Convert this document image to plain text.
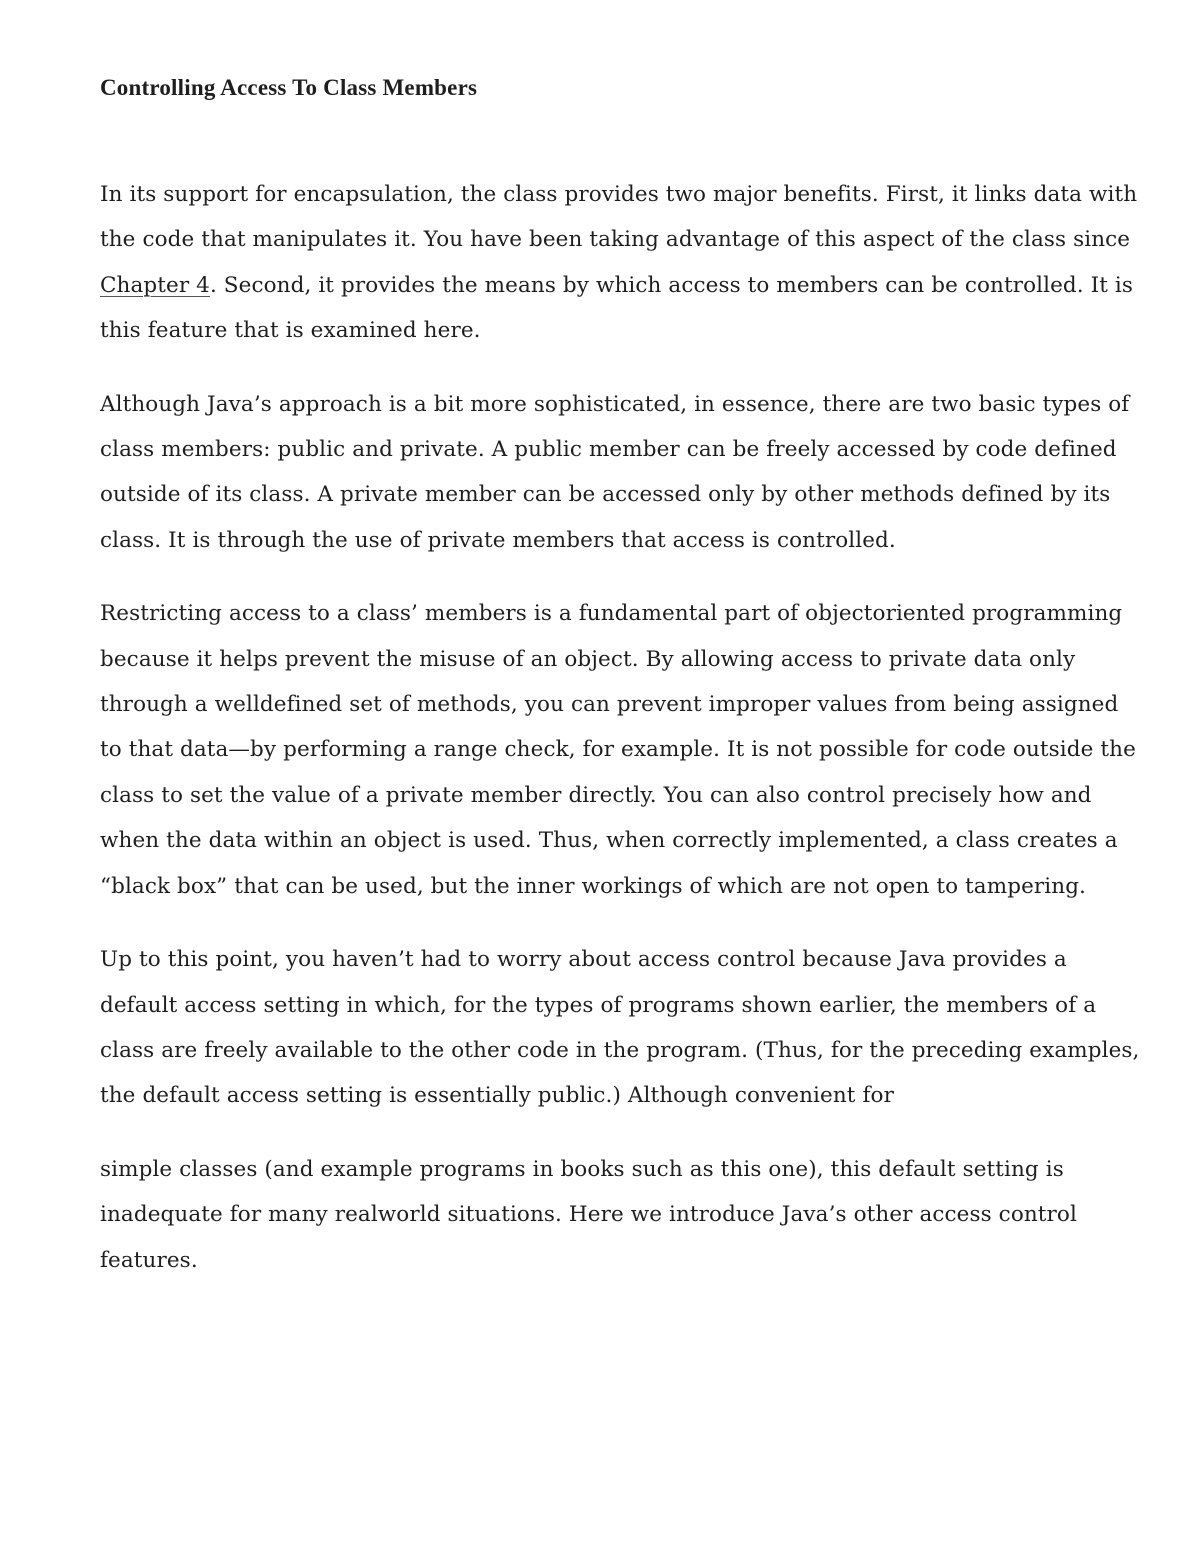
Controlling Access To Class Members

In its support for encapsulation, the class provides two major benefits. First, it links data with the code that manipulates it. You have been taking advantage of this aspect of the class since Chapter 4. Second, it provides the means by which access to members can be controlled. It is this feature that is examined here.

Although Java’s approach is a bit more sophisticated, in essence, there are two basic types of class members: public and private. A public member can be freely accessed by code defined outside of its class. A private member can be accessed only by other methods defined by its class. It is through the use of private members that access is controlled.

Restricting access to a class’ members is a fundamental part of objectoriented programming because it helps prevent the misuse of an object. By allowing access to private data only through a welldefined set of methods, you can prevent improper values from being assigned to that data—by performing a range check, for example. It is not possible for code outside the class to set the value of a private member directly. You can also control precisely how and when the data within an object is used. Thus, when correctly implemented, a class creates a “black box” that can be used, but the inner workings of which are not open to tampering.

Up to this point, you haven’t had to worry about access control because Java provides a default access setting in which, for the types of programs shown earlier, the members of a class are freely available to the other code in the program. (Thus, for the preceding examples, the default access setting is essentially public.) Although convenient for

simple classes (and example programs in books such as this one), this default setting is inadequate for many realworld situations. Here we introduce Java’s other access control features.
